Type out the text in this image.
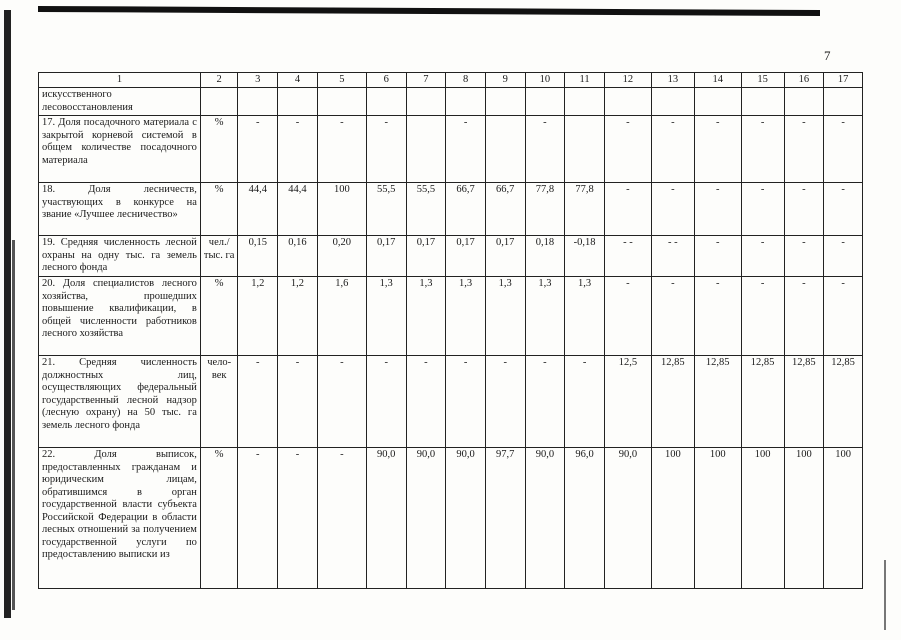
7
1	2	3	4	5	6	7	8	9	10	11	12	13	14	15	16	17
искусственного лесовосстановления																
17. Доля посадочного материала с закрытой корневой системой в общем количестве посадочного материала	%	-	-	-	-		-		-		-	-	-	-	-	-
18. Доля лесничеств, участвующих в конкурсе на звание «Лучшее лесничество»	%	44,4	44,4	100	55,5	55,5	66,7	66,7	77,8	77,8	-	-	-	-	-	-
19. Средняя численность лесной охраны на одну тыс. га земель лесного фонда	чел./ тыс. га	0,15	0,16	0,20	0,17	0,17	0,17	0,17	0,18	-0,18	- -	- -	-	-	-	-
20. Доля специалистов лесного хозяйства, прошедших повышение квалификации, в общей численности работников лесного хозяйства	%	1,2	1,2	1,6	1,3	1,3	1,3	1,3	1,3	1,3	-	-	-	-	-	-
21. Средняя численность должностных лиц, осуществляющих федеральный государственный лесной надзор (лесную охрану) на 50 тыс. га земель лесного фонда	чело- век	-	-	-	-	-	-	-	-	-	12,5	12,85	12,85	12,85	12,85	12,85
22. Доля выписок, предоставленных гражданам и юридическим лицам, обратившимся в орган государственной власти субъекта Российской Федерации в области лесных отношений за получением государственной услуги по предоставлению выписки из	%	-	-	-	90,0	90,0	90,0	97,7	90,0	96,0	90,0	100	100	100	100	100
